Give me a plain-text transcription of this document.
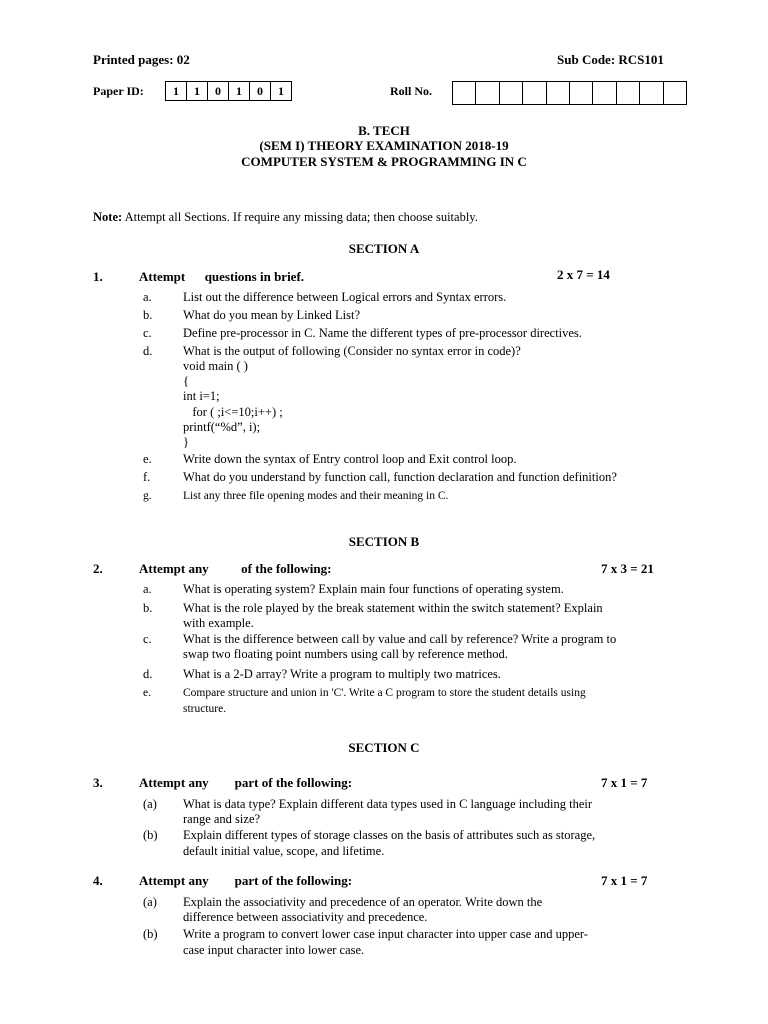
Printed pages: 02	Sub Code: RCS101
Paper ID:	1	1	0	1	0	1	Roll No.
B. TECH
(SEM I) THEORY EXAMINATION 2018-19
COMPUTER SYSTEM & PROGRAMMING IN C
Note: Attempt all Sections. If require any missing data; then choose suitably.
SECTION A
1.	Attempt      questions in brief.	2 x 7 = 14
a.	List out the difference between Logical errors and Syntax errors.
b. What do you mean by Linked List?
c.	Define pre-processor in C. Name the different types of pre-processor directives.
d. What is the output of following (Consider no syntax error in code)?
void main ( )
{
int i=1;
for ( ;i<=10;i++) ;
printf(“%d”, i);
}
e.	Write down the syntax of Entry control loop and Exit control loop.
f.	What do you understand by function call, function declaration and function definition?
g.	List any three file opening modes and their meaning in C.
SECTION B
2.	Attempt any          of the following:	7 x 3 = 21
a.	What is operating system? Explain main four functions of operating system.
b. What is the role played by the break statement within the switch statement? Explain
with example.
c.	What is the difference between call by value and call by reference? Write a program to
swap two floating point numbers using call by reference method.
d. What is a 2-D array? Write a program to multiply two matrices.
e.	Compare structure and union in 'C'. Write a C program to store the student details using
structure.
SECTION C
3.	Attempt any        part of the following:	7 x 1 = 7
(a) What is data type? Explain different data types used in C language including their
range and size?
(b) Explain different types of storage classes on the basis of attributes such as storage,
default initial value, scope, and lifetime.
4.	Attempt any        part of the following:	7 x 1 = 7
(a) Explain the associativity and precedence of an operator. Write down the
difference between associativity and precedence.
(b) Write a program to convert lower case input character into upper case and upper-
case input character into lower case.
